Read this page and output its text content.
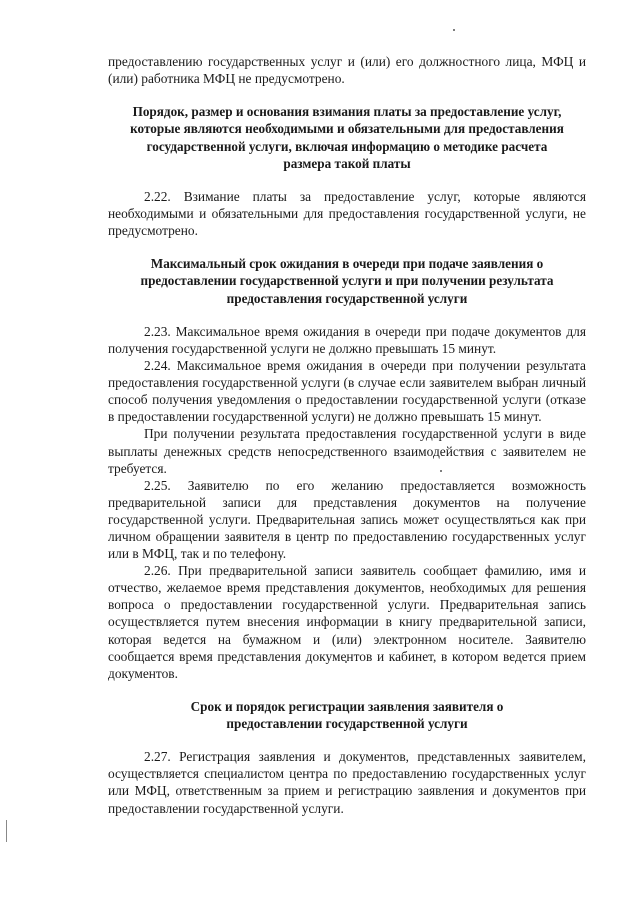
предоставлению государственных услуг и (или) его должностного лица, МФЦ и (или) работника МФЦ не предусмотрено.

Порядок, размер и основания взимания платы за предоставление услуг, которые являются необходимыми и обязательными для предоставления государственной услуги, включая информацию о методике расчета размера такой платы

2.22. Взимание платы за предоставление услуг, которые являются необходимыми и обязательными для предоставления государственной услуги, не предусмотрено.

Максимальный срок ожидания в очереди при подаче заявления о предоставлении государственной услуги и при получении результата предоставления государственной услуги

2.23. Максимальное время ожидания в очереди при подаче документов для получения государственной услуги не должно превышать 15 минут.

2.24. Максимальное время ожидания в очереди при получении результата предоставления государственной услуги (в случае если заявителем выбран личный способ получения уведомления о предоставлении государственной услуги (отказе в предоставлении государственной услуги) не должно превышать 15 минут.

При получении результата предоставления государственной услуги в виде выплаты денежных средств непосредственного взаимодействия с заявителем не требуется.

2.25. Заявителю по его желанию предоставляется возможность предварительной записи для представления документов на получение государственной услуги. Предварительная запись может осуществляться как при личном обращении заявителя в центр по предоставлению государственных услуг или в МФЦ, так и по телефону.

2.26. При предварительной записи заявитель сообщает фамилию, имя и отчество, желаемое время представления документов, необходимых для решения вопроса о предоставлении государственной услуги. Предварительная запись осуществляется путем внесения информации в книгу предварительной записи, которая ведется на бумажном и (или) электронном носителе. Заявителю сообщается время представления документов и кабинет, в котором ведется прием документов.

Срок и порядок регистрации заявления заявителя о предоставлении государственной услуги

2.27. Регистрация заявления и документов, представленных заявителем, осуществляется специалистом центра по предоставлению государственных услуг или МФЦ, ответственным за прием и регистрацию заявления и документов при предоставлении государственной услуги.
